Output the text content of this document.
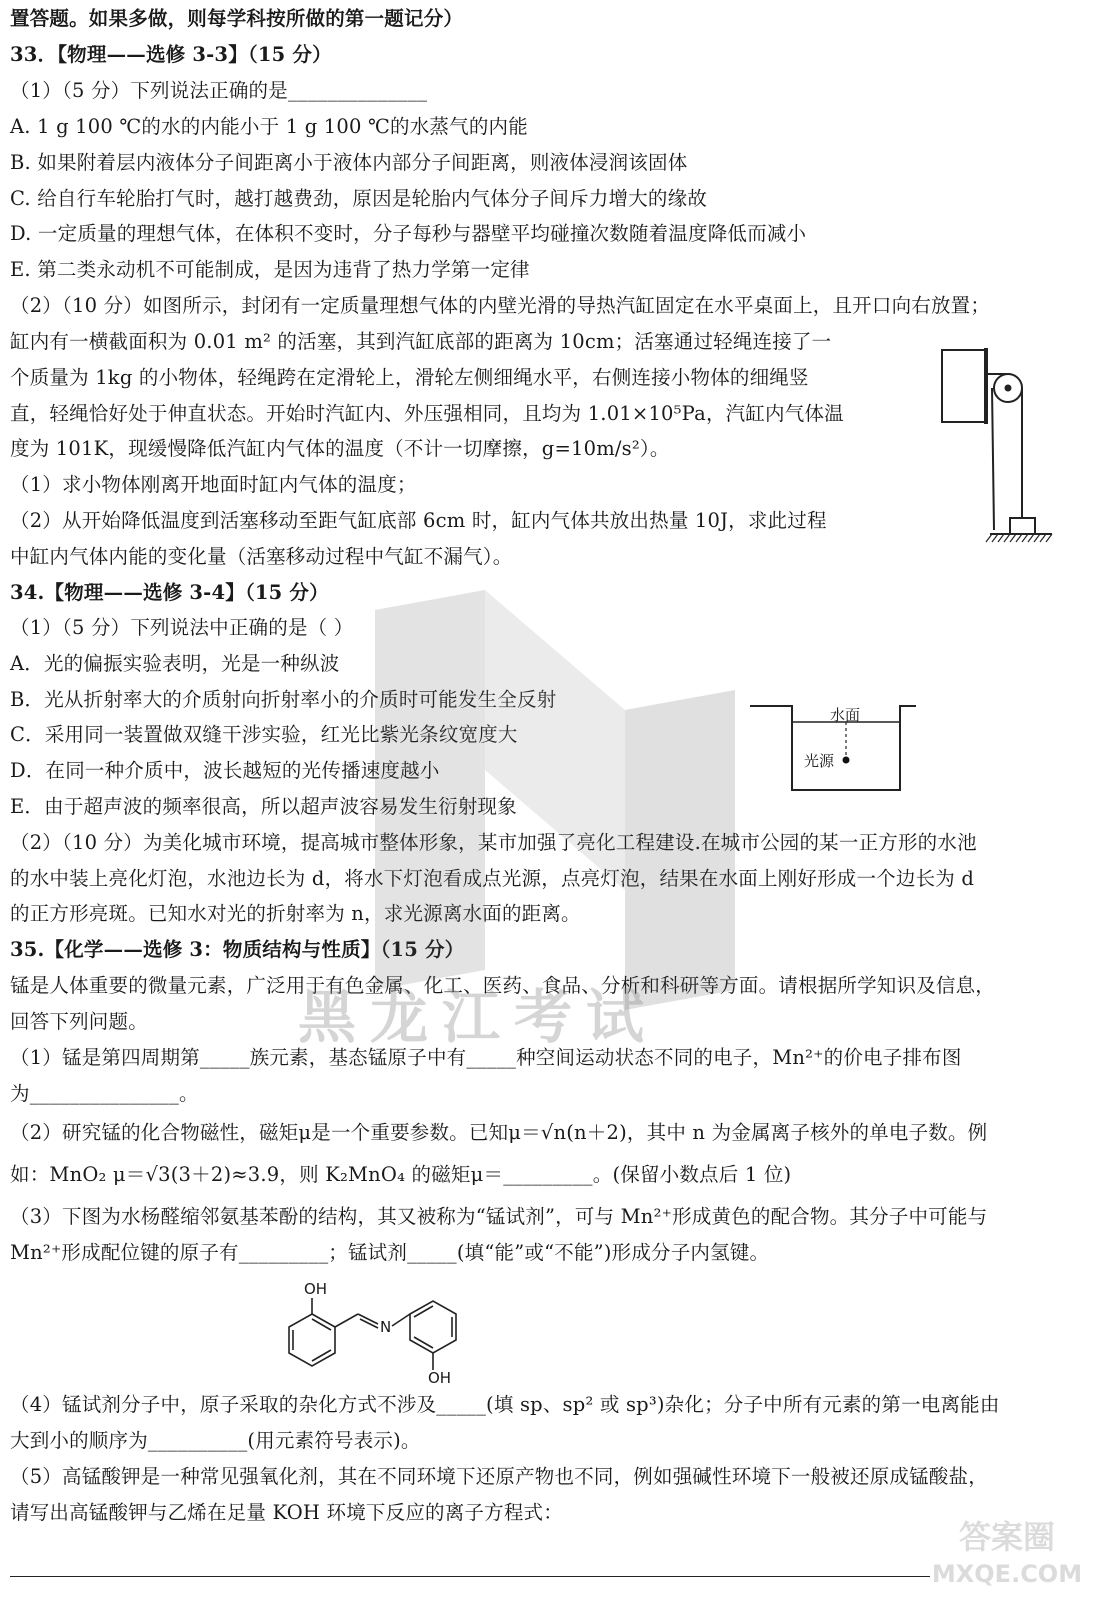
置答题。如果多做，则每学科按所做的第一题记分）
33．【物理——选修 3-3】（15 分）
（1）（5 分）下列说法正确的是______________
A. 1 g 100 ℃的水的内能小于 1 g 100 ℃的水蒸气的内能
B. 如果附着层内液体分子间距离小于液体内部分子间距离，则液体浸润该固体
C. 给自行车轮胎打气时，越打越费劲，原因是轮胎内气体分子间斥力增大的缘故
D. 一定质量的理想气体，在体积不变时，分子每秒与器壁平均碰撞次数随着温度降低而减小
E. 第二类永动机不可能制成，是因为违背了热力学第一定律
（2）（10 分）如图所示，封闭有一定质量理想气体的内壁光滑的导热汽缸固定在水平桌面上，且开口向右放置；
缸内有一横截面积为 0.01 m² 的活塞，其到汽缸底部的距离为 10cm；活塞通过轻绳连接了一
个质量为 1kg 的小物体，轻绳跨在定滑轮上，滑轮左侧细绳水平，右侧连接小物体的细绳竖
直，轻绳恰好处于伸直状态。开始时汽缸内、外压强相同，且均为 1.01×10⁵Pa，汽缸内气体温
度为 101K，现缓慢降低汽缸内气体的温度（不计一切摩擦，g=10m/s²）。
（1）求小物体刚离开地面时缸内气体的温度；
（2）从开始降低温度到活塞移动至距气缸底部 6cm 时，缸内气体共放出热量 10J，求此过程
中缸内气体内能的变化量（活塞移动过程中气缸不漏气）。
34.【物理——选修 3-4】（15 分）
（1）（5 分）下列说法中正确的是（ ）
A．光的偏振实验表明，光是一种纵波
B．光从折射率大的介质射向折射率小的介质时可能发生全反射
C．采用同一装置做双缝干涉实验，红光比紫光条纹宽度大
D．在同一种介质中，波长越短的光传播速度越小
E．由于超声波的频率很高，所以超声波容易发生衍射现象
（2）（10 分）为美化城市环境，提高城市整体形象，某市加强了亮化工程建设.在城市公园的某一正方形的水池
的水中装上亮化灯泡，水池边长为 d，将水下灯泡看成点光源，点亮灯泡，结果在水面上刚好形成一个边长为 d
的正方形亮斑。已知水对光的折射率为 n，求光源离水面的距离。
水面
光源
35.【化学——选修 3：物质结构与性质】（15 分）
锰是人体重要的微量元素，广泛用于有色金属、化工、医药、食品、分析和科研等方面。请根据所学知识及信息，
回答下列问题。
（1）锰是第四周期第_____族元素，基态锰原子中有_____种空间运动状态不同的电子，Mn²⁺的价电子排布图
为_______________。
（2）研究锰的化合物磁性，磁矩μ是一个重要参数。已知μ＝√n(n＋2)，其中 n 为金属离子核外的单电子数。例
如：MnO₂ μ＝√3(3＋2)≈3.9，则 K₂MnO₄ 的磁矩μ＝_________。(保留小数点后 1 位)
（3）下图为水杨醛缩邻氨基苯酚的结构，其又被称为“锰试剂”，可与 Mn²⁺形成黄色的配合物。其分子中可能与
Mn²⁺形成配位键的原子有_________；锰试剂_____(填“能”或“不能”)形成分子内氢键。
OH
N
OH
（4）锰试剂分子中，原子采取的杂化方式不涉及_____(填 sp、sp² 或 sp³)杂化；分子中所有元素的第一电离能由
大到小的顺序为__________(用元素符号表示)。
（5）高锰酸钾是一种常见强氧化剂，其在不同环境下还原产物也不同，例如强碱性环境下一般被还原成锰酸盐，
请写出高锰酸钾与乙烯在足量 KOH 环境下反应的离子方程式：
黑龙江考试
答案圈
MXQE.COM
